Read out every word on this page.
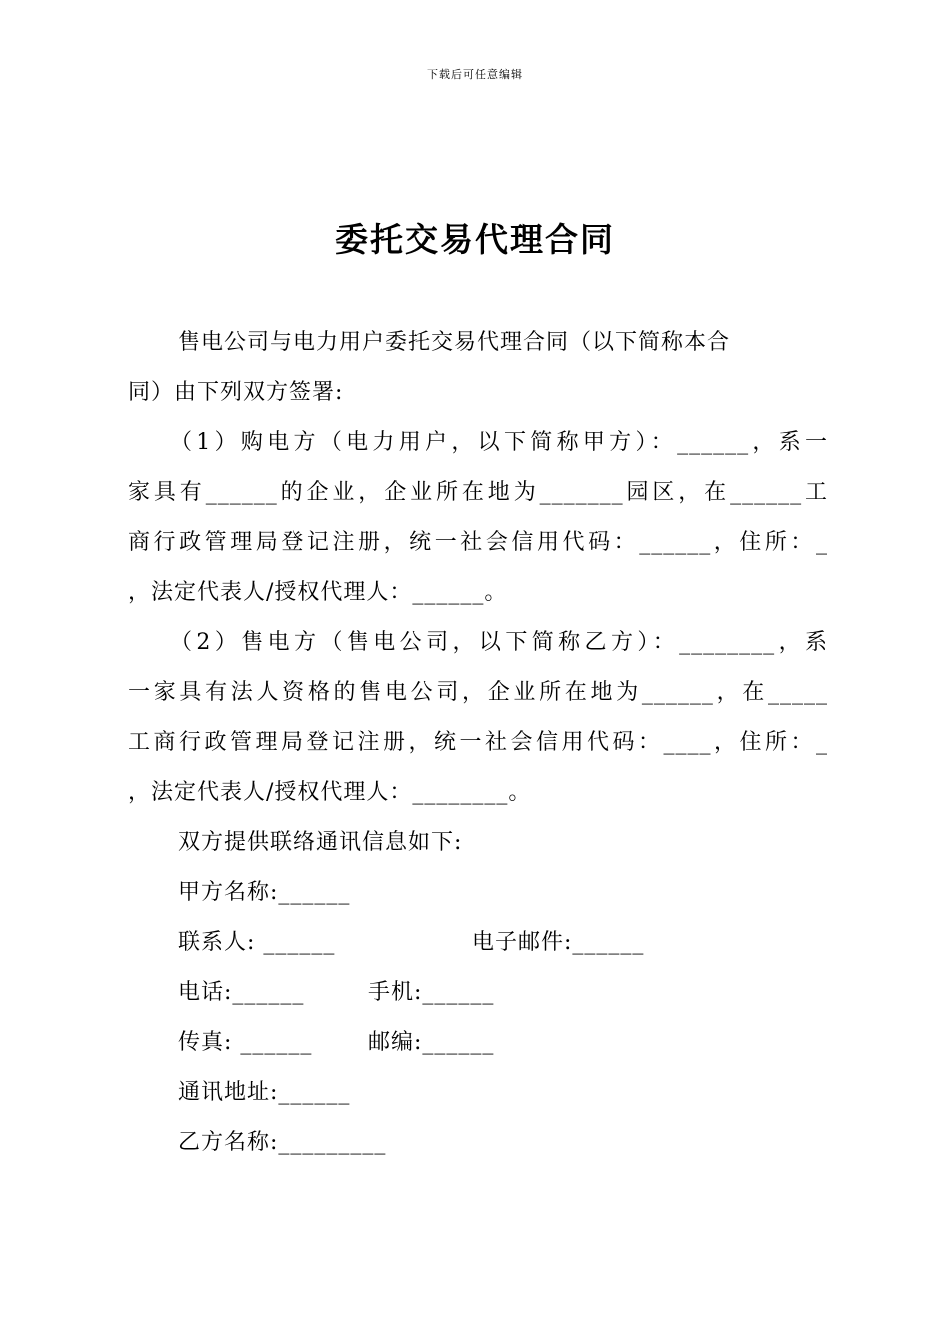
下载后可任意编辑
委托交易代理合同
售电公司与电力用户委托交易代理合同（以下简称本合
同）由下列双方签署:
（1）购电方（电力用户，以下简称甲方）：______，系一
家具有______的企业，企业所在地为_______园区，在______工
商行政管理局登记注册，统一社会信用代码：______，住所：_
，法定代表人/授权代理人：______。
（2）售电方（售电公司，以下简称乙方）：________，系
一家具有法人资格的售电公司，企业所在地为______，在_____
工商行政管理局登记注册，统一社会信用代码：____，住所：_
，法定代表人/授权代理人：________。
双方提供联络通讯信息如下:
甲方名称:______
联系人: ______	电子邮件:______
电话:______	手机:______
传真: ______	邮编:______
通讯地址:______
乙方名称:_________
